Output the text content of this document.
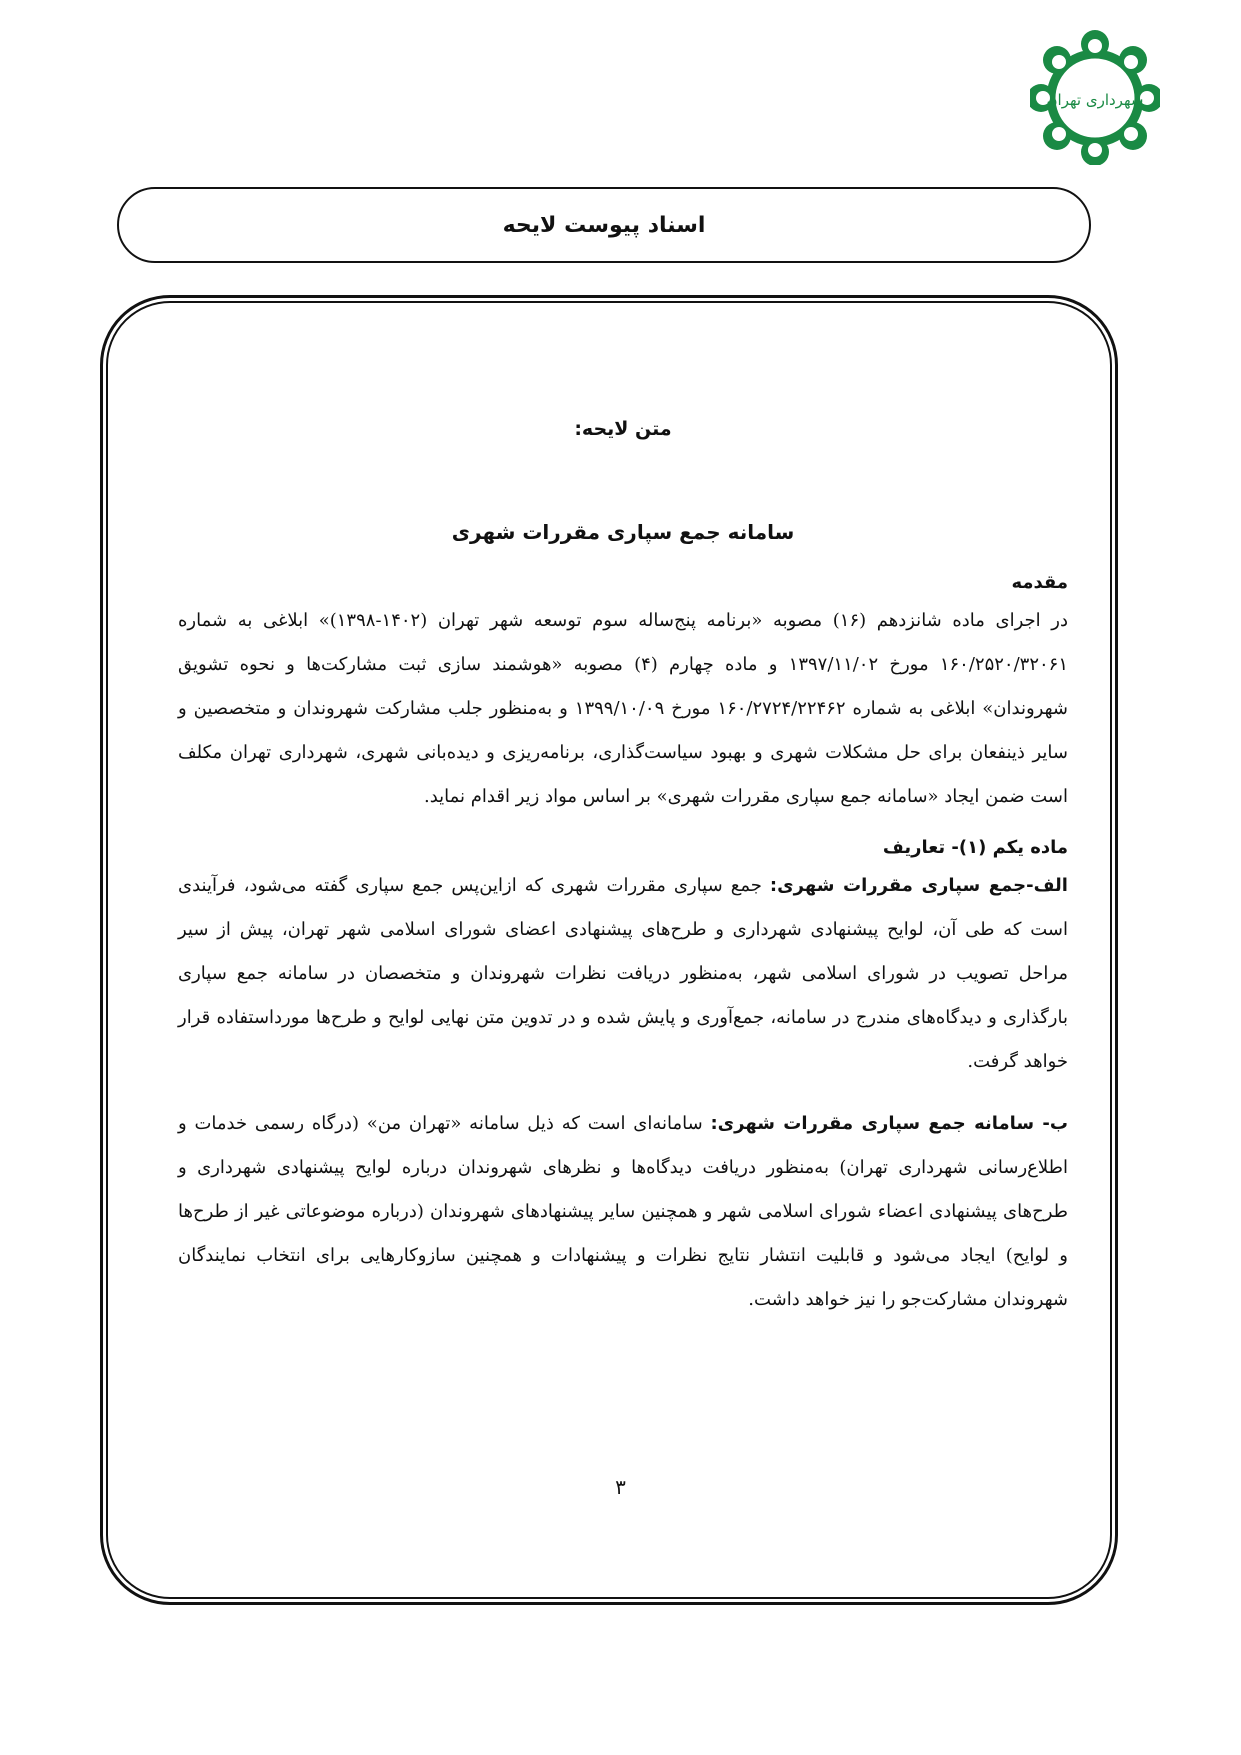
شهرداری تهران
اسناد پیوست لایحه
متن لایحه:
سامانه جمع سپاری مقررات شهری
مقدمه

در اجرای ماده شانزدهم (۱۶) مصوبه «برنامه پنج‌ساله سوم توسعه شهر تهران (۱۴۰۲-۱۳۹۸)» ابلاغی به شماره ۱۶۰/۲۵۲۰/۳۲۰۶۱ مورخ ۱۳۹۷/۱۱/۰۲ و ماده چهارم (۴) مصوبه «هوشمند سازی ثبت مشارکت‌ها و نحوه تشویق شهروندان» ابلاغی به شماره ۱۶۰/۲۷۲۴/۲۲۴۶۲ مورخ ۱۳۹۹/۱۰/۰۹ و به‌منظور جلب مشارکت شهروندان و متخصصین و سایر ذینفعان برای حل مشکلات شهری و بهبود سیاست‌گذاری، برنامه‌ریزی و دیده‌بانی شهری، شهرداری تهران مکلف است ضمن ایجاد «سامانه جمع سپاری مقررات شهری» بر اساس مواد زیر اقدام نماید.

ماده یکم (۱)- تعاریف

الف-جمع سپاری مقررات شهری: جمع سپاری مقررات شهری که ازاین‌پس جمع سپاری گفته می‌شود، فرآیندی است که طی آن، لوایح پیشنهادی شهرداری و طرح‌های پیشنهادی اعضای شورای اسلامی شهر تهران، پیش از سیر مراحل تصویب در شورای اسلامی شهر، به‌منظور دریافت نظرات شهروندان و متخصصان در سامانه جمع سپاری بارگذاری و دیدگاه‌های مندرج در سامانه، جمع‌آوری و پایش شده و در تدوین متن نهایی لوایح و طرح‌ها مورداستفاده قرار خواهد گرفت.

ب- سامانه جمع سپاری مقررات شهری: سامانه‌ای است که ذیل سامانه «تهران من» (درگاه رسمی خدمات و اطلاع‌رسانی شهرداری تهران) به‌منظور دریافت دیدگاه‌ها و نظرهای شهروندان درباره لوایح پیشنهادی شهرداری و طرح‌های پیشنهادی اعضاء شورای اسلامی شهر و همچنین سایر پیشنهادهای شهروندان (درباره موضوعاتی غیر از طرح‌ها و لوایح) ایجاد می‌شود و قابلیت انتشار نتایج نظرات و پیشنهادات و همچنین سازوکارهایی برای انتخاب نمایندگان شهروندان مشارکت‌جو را نیز خواهد داشت.

۳
